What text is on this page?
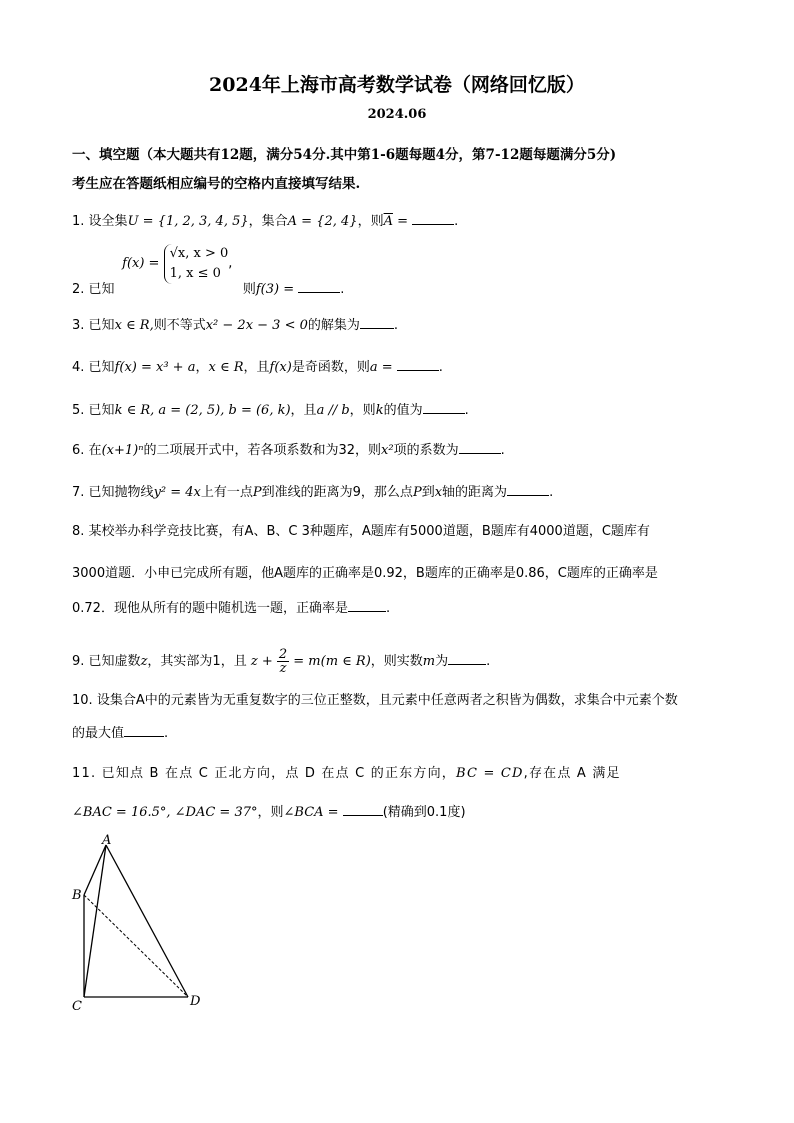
2024年上海市高考数学试卷（网络回忆版）
2024.06
一、填空题（本大题共有12题，满分54分.其中第1-6题每题4分，第7-12题每题满分5分)
考生应在答题纸相应编号的空格内直接填写结果.
1. 设全集U = {1, 2, 3, 4, 5}，集合A = {2, 4}，则$\overline{A}$ =	.
f(x) =
√x, x > 0
1, x ≤ 0
,
2. 已知	则f(3) =	.
3. 已知x ∈ R,则不等式x² − 2x − 3 < 0的解集为	.
4. 已知f(x) = x³ + a，x ∈ R，且f(x)是奇函数，则a =	.
5. 已知k ∈ R, a = (2, 5), b = (6, k)，且a // b，则k的值为	.
6. 在(x+1)ⁿ的二项展开式中，若各项系数和为32，则x²项的系数为	.
7. 已知抛物线y² = 4x上有一点P到准线的距离为9，那么点P到x轴的距离为	.
8. 某校举办科学竞技比赛，有A、B、C 3种题库，A题库有5000道题，B题库有4000道题，C题库有
3000道题．小申已完成所有题，他A题库的正确率是0.92，B题库的正确率是0.86，C题库的正确率是
0.72．现他从所有的题中随机选一题，正确率是	.
9. 已知虚数z，其实部为1，且 $z + \frac{2}{z} = m(m$ ∈ R)，则实数m为	.
10. 设集合A中的元素皆为无重复数字的三位正整数，且元素中任意两者之积皆为偶数，求集合中元素个数
的最大值	.
11. 已知点 B 在点 C 正北方向，点 D 在点 C 的正东方向，BC = CD,存在点 A 满足
∠BAC = 16.5°, ∠DAC = 37°，则∠BCA =	(精确到0.1度)
A
B
C	D
